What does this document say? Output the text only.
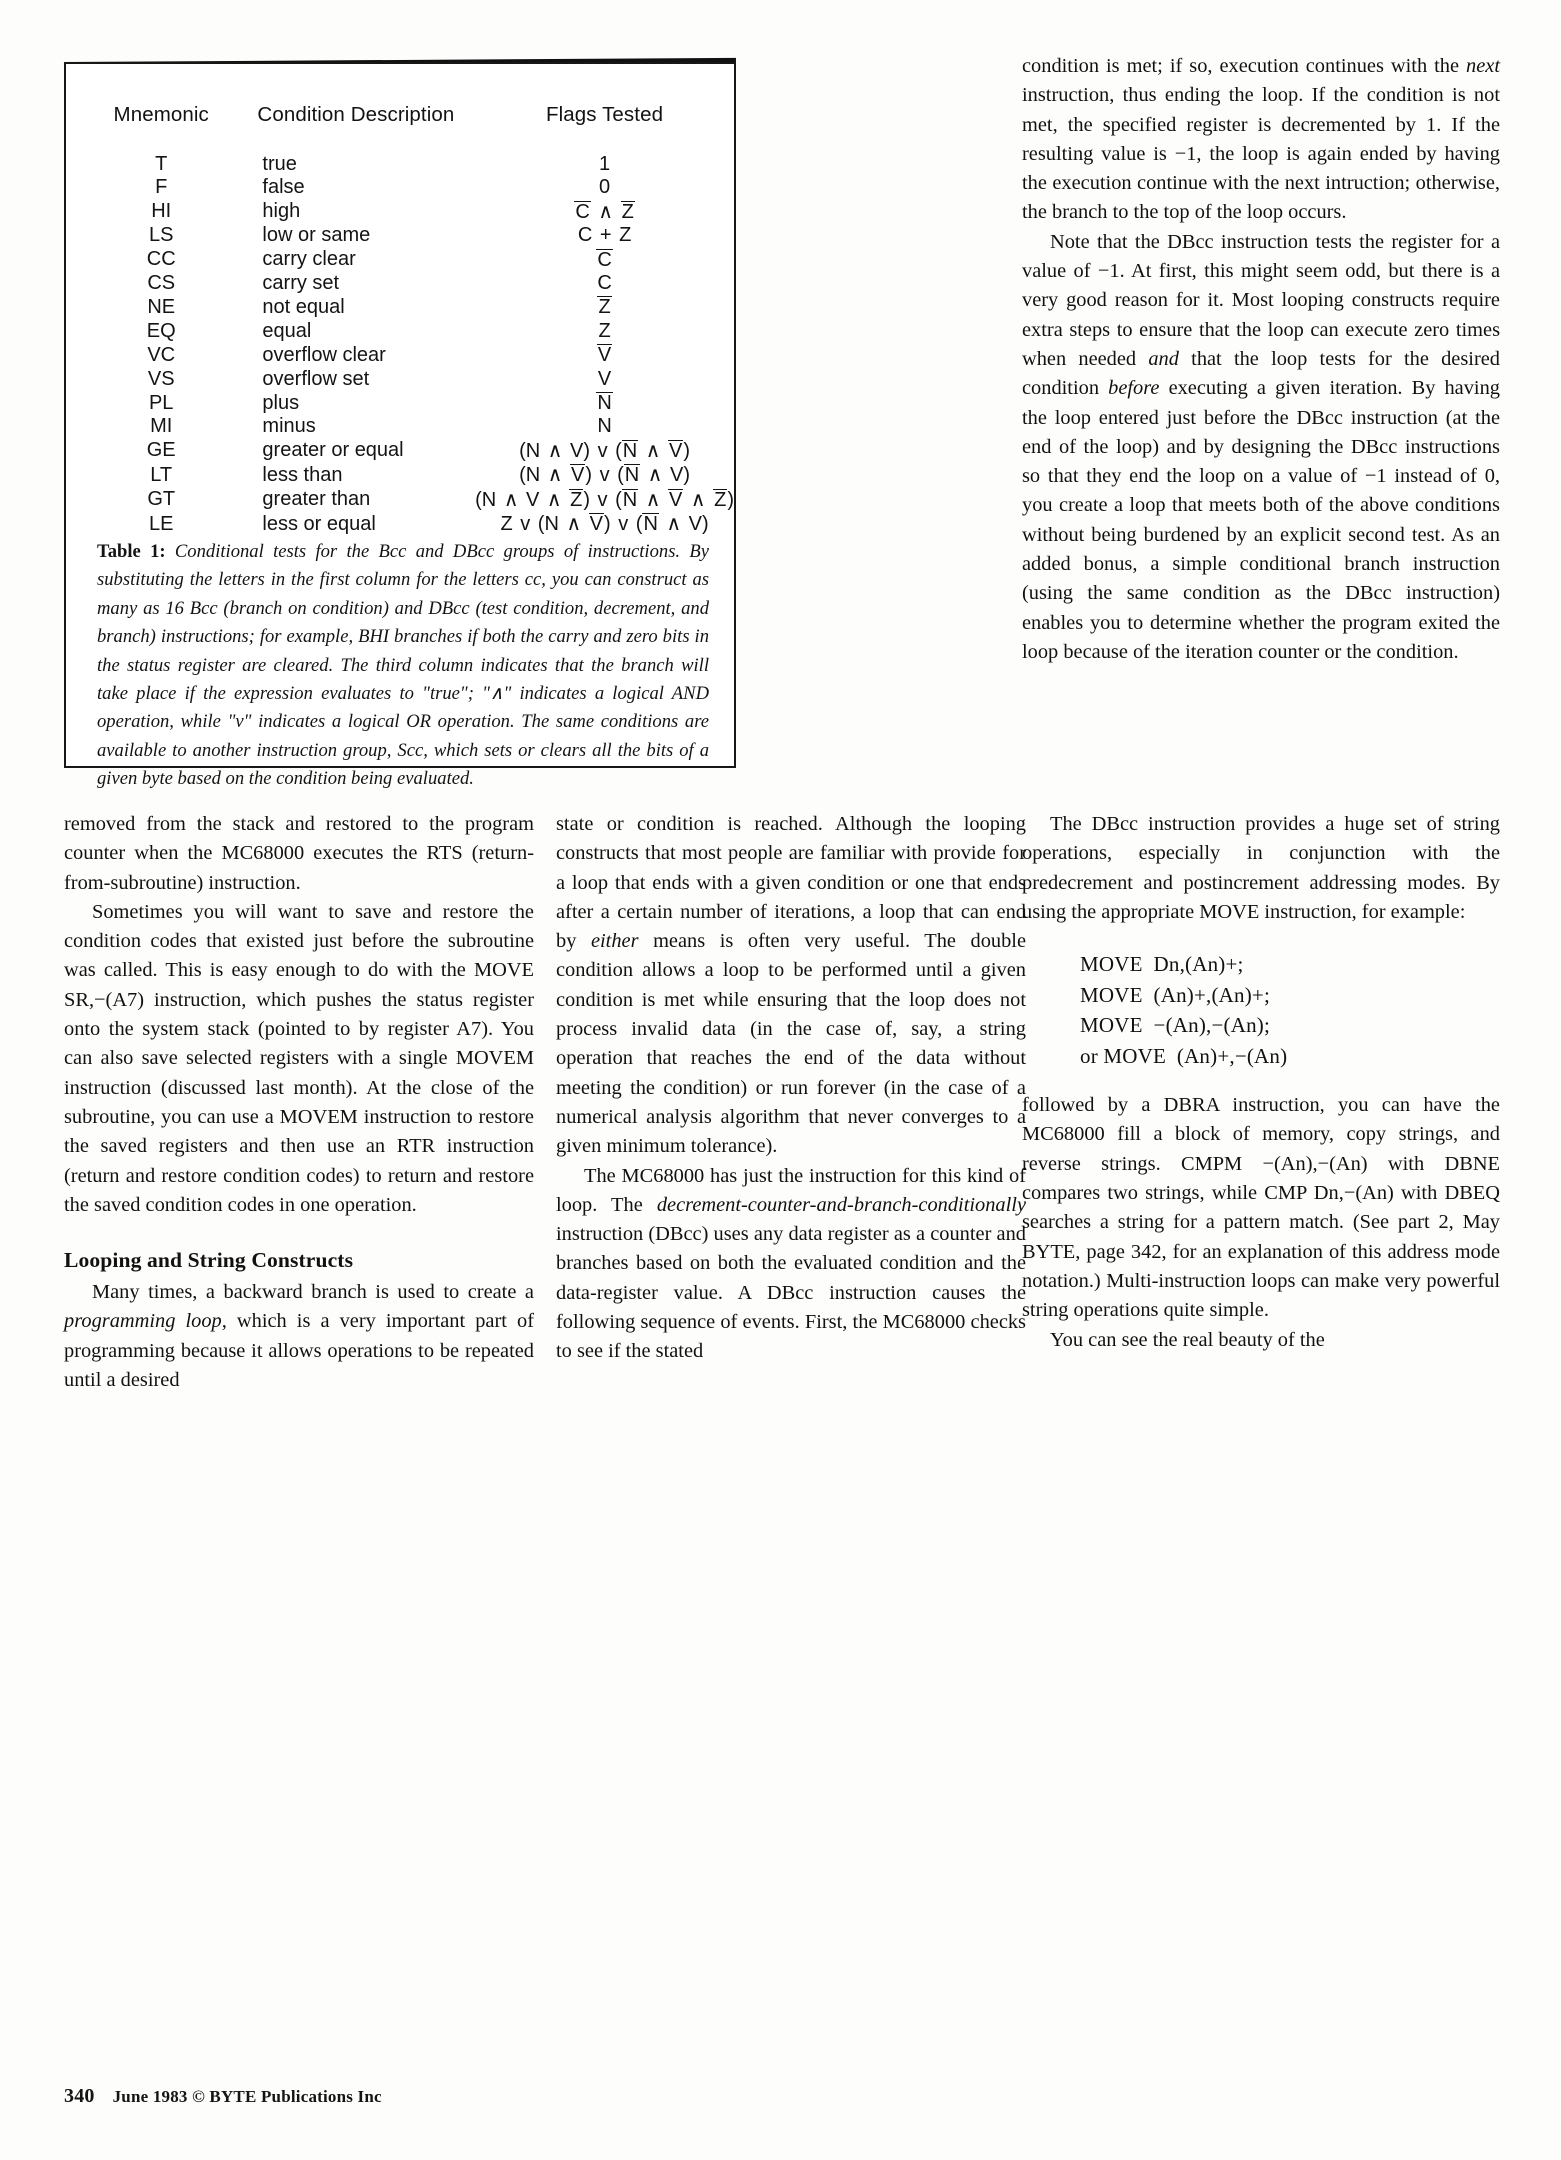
Mnemonic	Condition Description	Flags Tested
T	true	1
F	false	0
HI	high	C ∧ Z
LS	low or same	C + Z
CC	carry clear	C
CS	carry set	C
NE	not equal	Z
EQ	equal	Z
VC	overflow clear	V
VS	overflow set	V
PL	plus	N
MI	minus	N
GE	greater or equal	(N ∧ V) v (N ∧ V)
LT	less than	(N ∧ V) v (N ∧ V)
GT	greater than	(N ∧ V ∧ Z) v (N ∧ V ∧ Z)
LE	less or equal	Z v (N ∧ V) v (N ∧ V)
Table 1: Conditional tests for the Bcc and DBcc groups of instructions. By substituting the letters in the first column for the letters cc, you can construct as many as 16 Bcc (branch on condition) and DBcc (test condition, decrement, and branch) instructions; for example, BHI branches if both the carry and zero bits in the status register are cleared. The third column indicates that the branch will take place if the expression evaluates to "true"; "∧" indicates a logical AND operation, while "v" indicates a logical OR operation. The same conditions are available to another instruction group, Scc, which sets or clears all the bits of a given byte based on the condition being evaluated.

condition is met; if so, execution continues with the next instruction, thus ending the loop. If the condition is not met, the specified register is decremented by 1. If the resulting value is −1, the loop is again ended by having the execution continue with the next intruction; otherwise, the branch to the top of the loop occurs.

Note that the DBcc instruction tests the register for a value of −1. At first, this might seem odd, but there is a very good reason for it. Most looping constructs require extra steps to ensure that the loop can execute zero times when needed and that the loop tests for the desired condition before executing a given iteration. By having the loop entered just before the DBcc instruction (at the end of the loop) and by designing the DBcc instructions so that they end the loop on a value of −1 instead of 0, you create a loop that meets both of the above conditions without being burdened by an explicit second test. As an added bonus, a simple conditional branch instruction (using the same condition as the DBcc instruction) enables you to determine whether the program exited the loop because of the iteration counter or the condition.

removed from the stack and restored to the program counter when the MC68000 executes the RTS (return-from-subroutine) instruction.

Sometimes you will want to save and restore the condition codes that existed just before the subroutine was called. This is easy enough to do with the MOVE SR,−(A7) instruction, which pushes the status register onto the system stack (pointed to by register A7). You can also save selected registers with a single MOVEM instruction (discussed last month). At the close of the subroutine, you can use a MOVEM instruction to restore the saved registers and then use an RTR instruction (return and restore condition codes) to return and restore the saved condition codes in one operation.

Looping and String Constructs

Many times, a backward branch is used to create a programming loop, which is a very important part of programming because it allows operations to be repeated until a desired

state or condition is reached. Although the looping constructs that most people are familiar with provide for a loop that ends with a given condition or one that ends after a certain number of iterations, a loop that can end by either means is often very useful. The double condition allows a loop to be performed until a given condition is met while ensuring that the loop does not process invalid data (in the case of, say, a string operation that reaches the end of the data without meeting the condition) or run forever (in the case of a numerical analysis algorithm that never converges to a given minimum tolerance).

The MC68000 has just the instruction for this kind of loop. The decrement-counter-and-branch-conditionally instruction (DBcc) uses any data register as a counter and branches based on both the evaluated condition and the data-register value. A DBcc instruction causes the following sequence of events. First, the MC68000 checks to see if the stated

The DBcc instruction provides a huge set of string operations, especially in conjunction with the predecrement and postincrement addressing modes. By using the appropriate MOVE instruction, for example:

MOVE  Dn,(An)+;
MOVE  (An)+,(An)+;
MOVE  −(An),−(An);
or MOVE  (An)+,−(An)

followed by a DBRA instruction, you can have the MC68000 fill a block of memory, copy strings, and reverse strings. CMPM −(An),−(An) with DBNE compares two strings, while CMP Dn,−(An) with DBEQ searches a string for a pattern match. (See part 2, May BYTE, page 342, for an explanation of this address mode notation.) Multi-instruction loops can make very powerful string operations quite simple.

You can see the real beauty of the

340 June 1983 © BYTE Publications Inc
